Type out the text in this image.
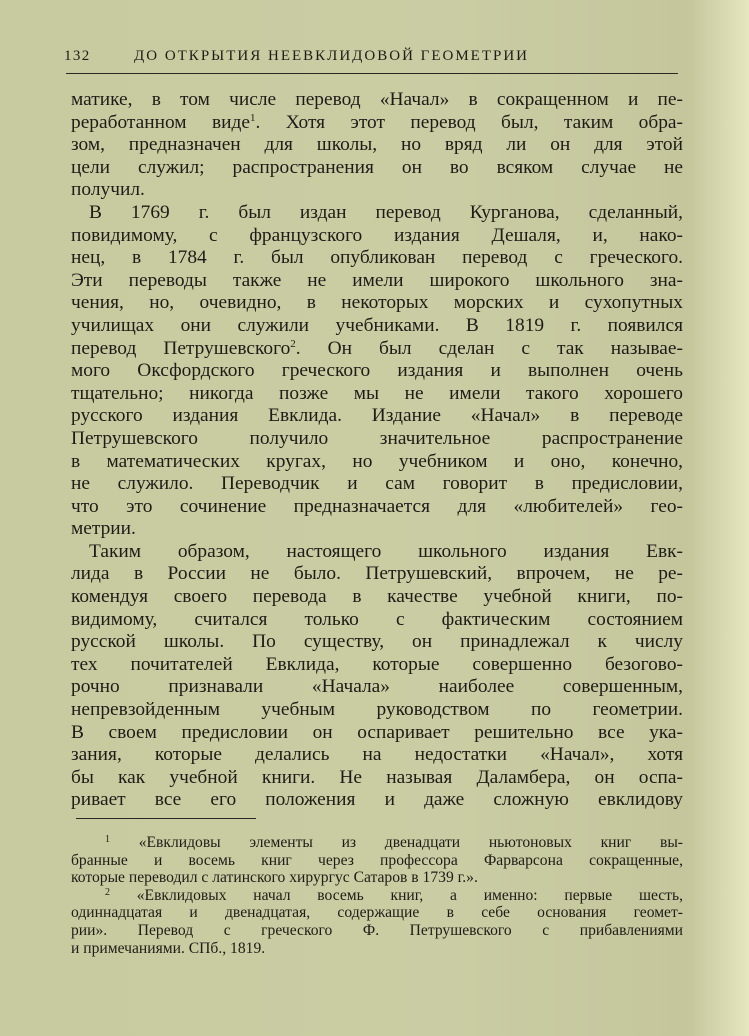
132	ДО ОТКРЫТИЯ НЕЕВКЛИДОВОЙ ГЕОМЕТРИИ

матике, в том числе перевод «Начал» в сокращенном и пе-
реработанном виде$^1$. Хотя этот перевод был, таким обра-
зом, предназначен для школы, но вряд ли он для этой
цели служил; распространения он во всяком случае не
получил.

В 1769 г. был издан перевод Курганова, сделанный,
повидимому, с французского издания Дешаля, и, нако-
нец, в 1784 г. был опубликован перевод с греческого.
Эти переводы также не имели широкого школьного зна-
чения, но, очевидно, в некоторых морских и сухопутных
училищах они служили учебниками. В 1819 г. появился
перевод Петрушевского$^2$. Он был сделан с так называе-
мого Оксфордского греческого издания и выполнен очень
тщательно; никогда позже мы не имели такого хорошего
русского издания Евклида. Издание «Начал» в переводе
Петрушевского получило значительное распространение
в математических кругах, но учебником и оно, конечно,
не служило. Переводчик и сам говорит в предисловии,
что это сочинение предназначается для «любителей» гео-
метрии.

Таким образом, настоящего школьного издания Евк-
лида в России не было. Петрушевский, впрочем, не ре-
комендуя своего перевода в качестве учебной книги, по-
видимому, считался только с фактическим состоянием
русской школы. По существу, он принадлежал к числу
тех почитателей Евклида, которые совершенно безогово-
рочно признавали «Начала» наиболее совершенным,
непревзойденным учебным руководством по геометрии.
В своем предисловии он оспаривает решительно все ука-
зания, которые делались на недостатки «Начал», хотя
бы как учебной книги. Не называя Даламбера, он оспа-
ривает все его положения и даже сложную евклидову

$^1$ «Евклидовы элементы из двенадцати ньютоновых книг вы-
бранные и восемь книг через профессора Фарварсона сокращенные,
которые переводил с латинского хирургус Сатаров в 1739 г.».
$^2$ «Евклидовых начал восемь книг, а именно: первые шесть,
одиннадцатая и двенадцатая, содержащие в себе основания геомет-
рии». Перевод с греческого Ф. Петрушевского с прибавлениями
и примечаниями. СПб., 1819.
